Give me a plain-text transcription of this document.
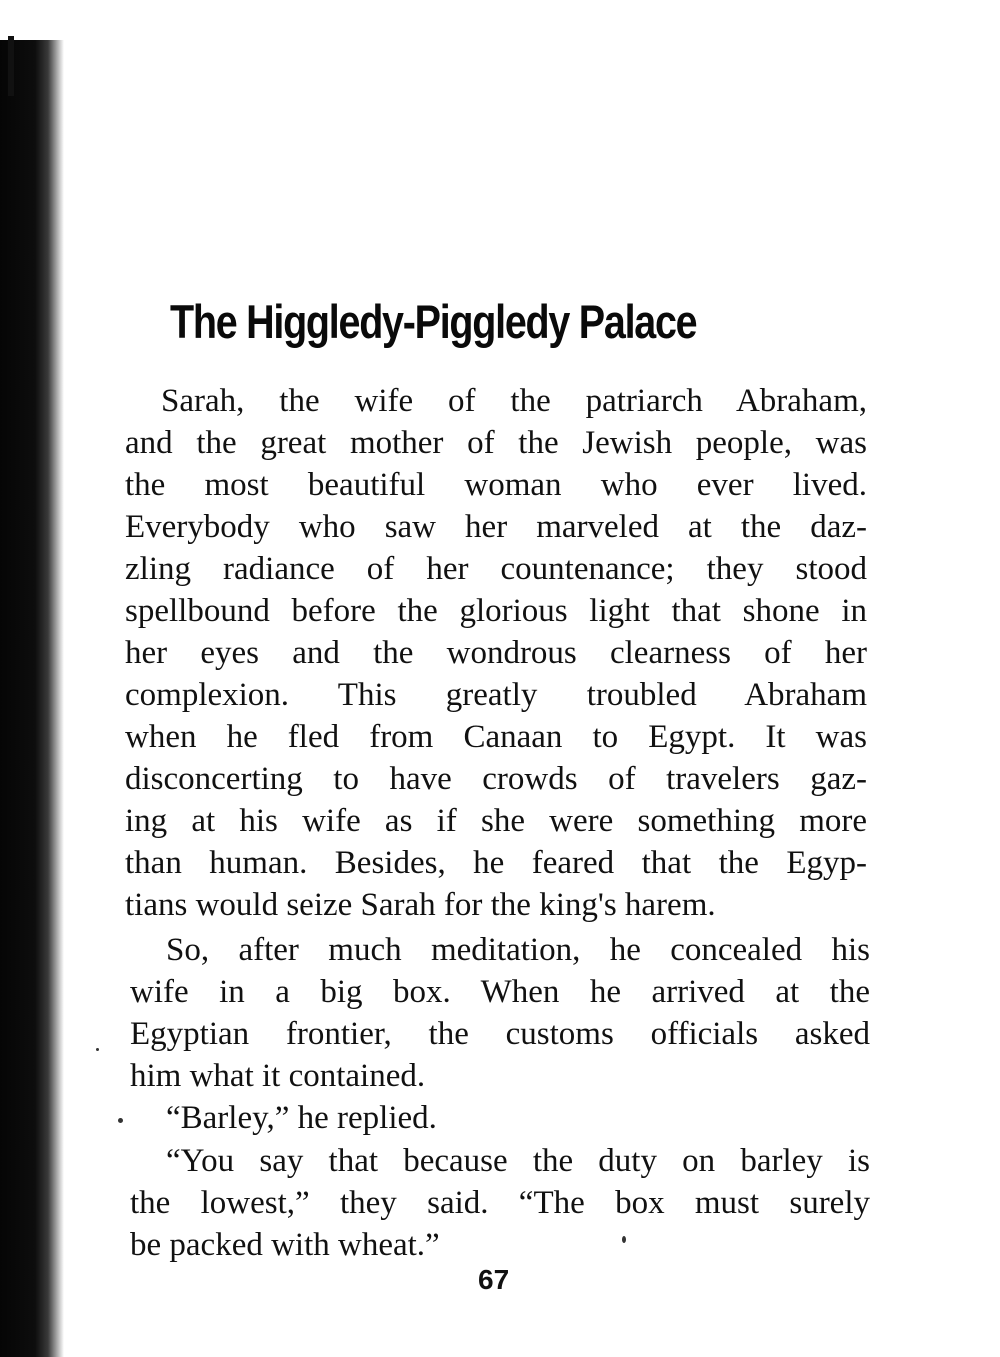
The Higgledy-Piggledy Palace

Sarah, the wife of the patriarch Abraham,
and the great mother of the Jewish people, was
the most beautiful woman who ever lived.
Everybody who saw her marveled at the daz-
zling radiance of her countenance; they stood
spellbound before the glorious light that shone in
her eyes and the wondrous clearness of her
complexion. This greatly troubled Abraham
when he fled from Canaan to Egypt. It was
disconcerting to have crowds of travelers gaz-
ing at his wife as if she were something more
than human. Besides, he feared that the Egyp-
tians would seize Sarah for the king's harem.

So, after much meditation, he concealed his
wife in a big box. When he arrived at the
Egyptian frontier, the customs officials asked
him what it contained.

“Barley,” he replied.

“You say that because the duty on barley is
the lowest,” they said. “The box must surely
be packed with wheat.”

67
